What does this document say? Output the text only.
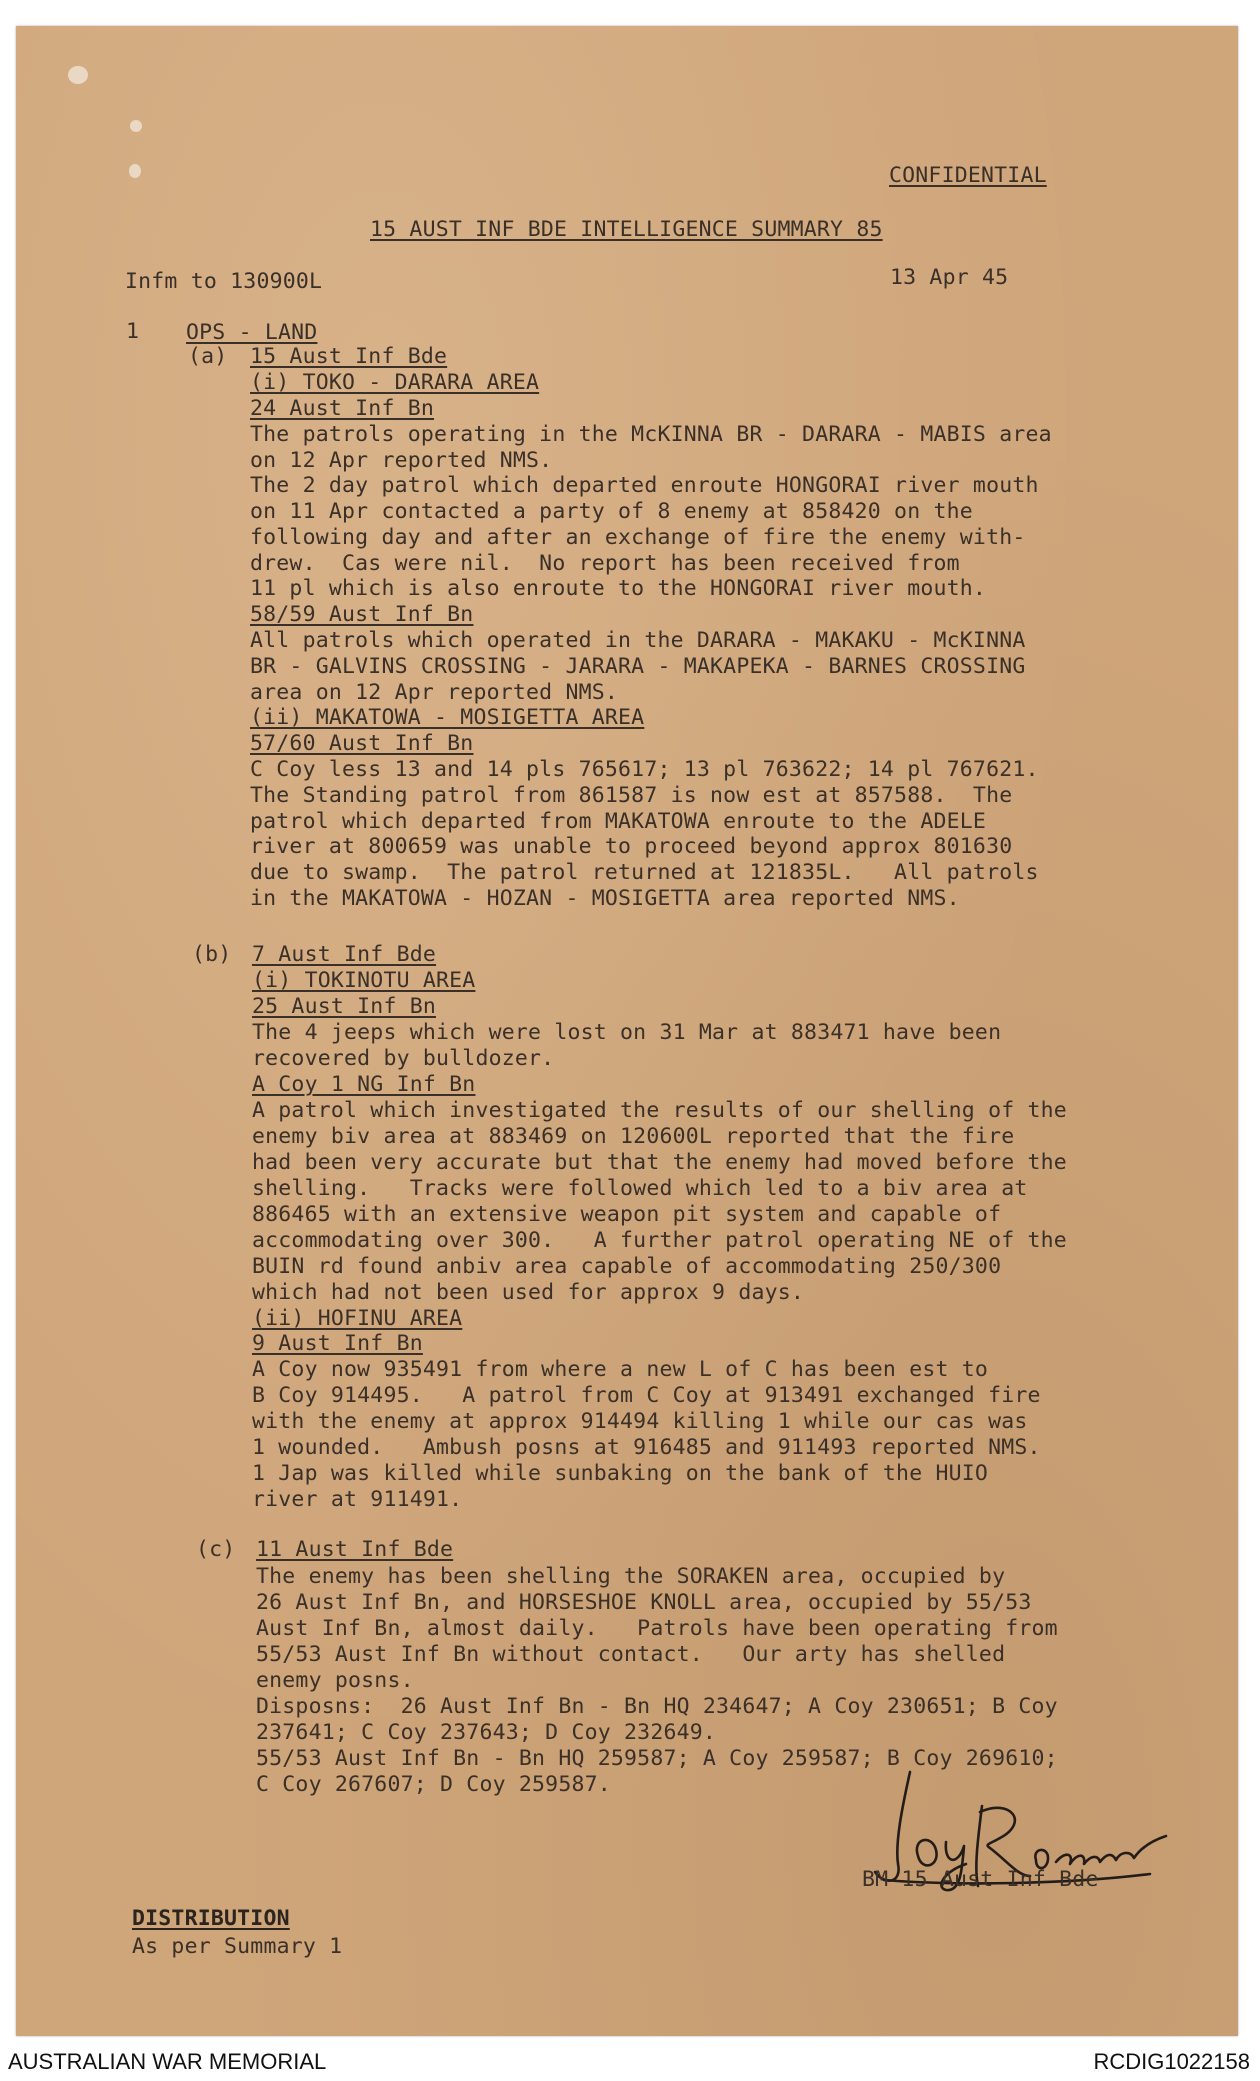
CONFIDENTIAL
15 AUST INF BDE INTELLIGENCE SUMMARY 85
Infm to 130900L	13 Apr 45
1 OPS - LAND
(a) 15 Aust Inf Bde
(i) TOKO - DARARA AREA
24 Aust Inf Bn

The patrols operating in the McKINNA BR - DARARA - MABIS area

on 12 Apr reported NMS.

The 2 day patrol which departed enroute HONGORAI river mouth

on 11 Apr contacted a party of 8 enemy at 858420 on the

following day and after an exchange of fire the enemy with-

drew.  Cas were nil.  No report has been received from

11 pl which is also enroute to the HONGORAI river mouth.

58/59 Aust Inf Bn

All patrols which operated in the DARARA - MAKAKU - McKINNA

BR - GALVINS CROSSING - JARARA - MAKAPEKA - BARNES CROSSING

area on 12 Apr reported NMS.

(ii) MAKATOWA - MOSIGETTA AREA
57/60 Aust Inf Bn

C Coy less 13 and 14 pls 765617; 13 pl 763622; 14 pl 767621.

The Standing patrol from 861587 is now est at 857588.  The

patrol which departed from MAKATOWA enroute to the ADELE

river at 800659 was unable to proceed beyond approx 801630

due to swamp.  The patrol returned at 121835L.   All patrols

in the MAKATOWA - HOZAN - MOSIGETTA area reported NMS.

(b) 7 Aust Inf Bde
(i) TOKINOTU AREA
25 Aust Inf Bn

The 4 jeeps which were lost on 31 Mar at 883471 have been

recovered by bulldozer.

A Coy 1 NG Inf Bn

A patrol which investigated the results of our shelling of the

enemy biv area at 883469 on 120600L reported that the fire

had been very accurate but that the enemy had moved before the

shelling.   Tracks were followed which led to a biv area at

886465 with an extensive weapon pit system and capable of

accommodating over 300.   A further patrol operating NE of the

BUIN rd found anbiv area capable of accommodating 250/300

which had not been used for approx 9 days.

(ii) HOFINU AREA
9 Aust Inf Bn

A Coy now 935491 from where a new L of C has been est to

B Coy 914495.   A patrol from C Coy at 913491 exchanged fire

with the enemy at approx 914494 killing 1 while our cas was

1 wounded.   Ambush posns at 916485 and 911493 reported NMS.

1 Jap was killed while sunbaking on the bank of the HUIO

river at 911491.

(c) 11 Aust Inf Bde

The enemy has been shelling the SORAKEN area, occupied by

26 Aust Inf Bn, and HORSESHOE KNOLL area, occupied by 55/53

Aust Inf Bn, almost daily.   Patrols have been operating from

55/53 Aust Inf Bn without contact.   Our arty has shelled

enemy posns.

Disposns:  26 Aust Inf Bn - Bn HQ 234647; A Coy 230651; B Coy

237641; C Coy 237643; D Coy 232649.

55/53 Aust Inf Bn - Bn HQ 259587; A Coy 259587; B Coy 269610;

C Coy 267607; D Coy 259587.

BM 15 Aust Inf Bde
DISTRIBUTION
As per Summary 1
AUSTRALIAN WAR MEMORIAL	RCDIG1022158
